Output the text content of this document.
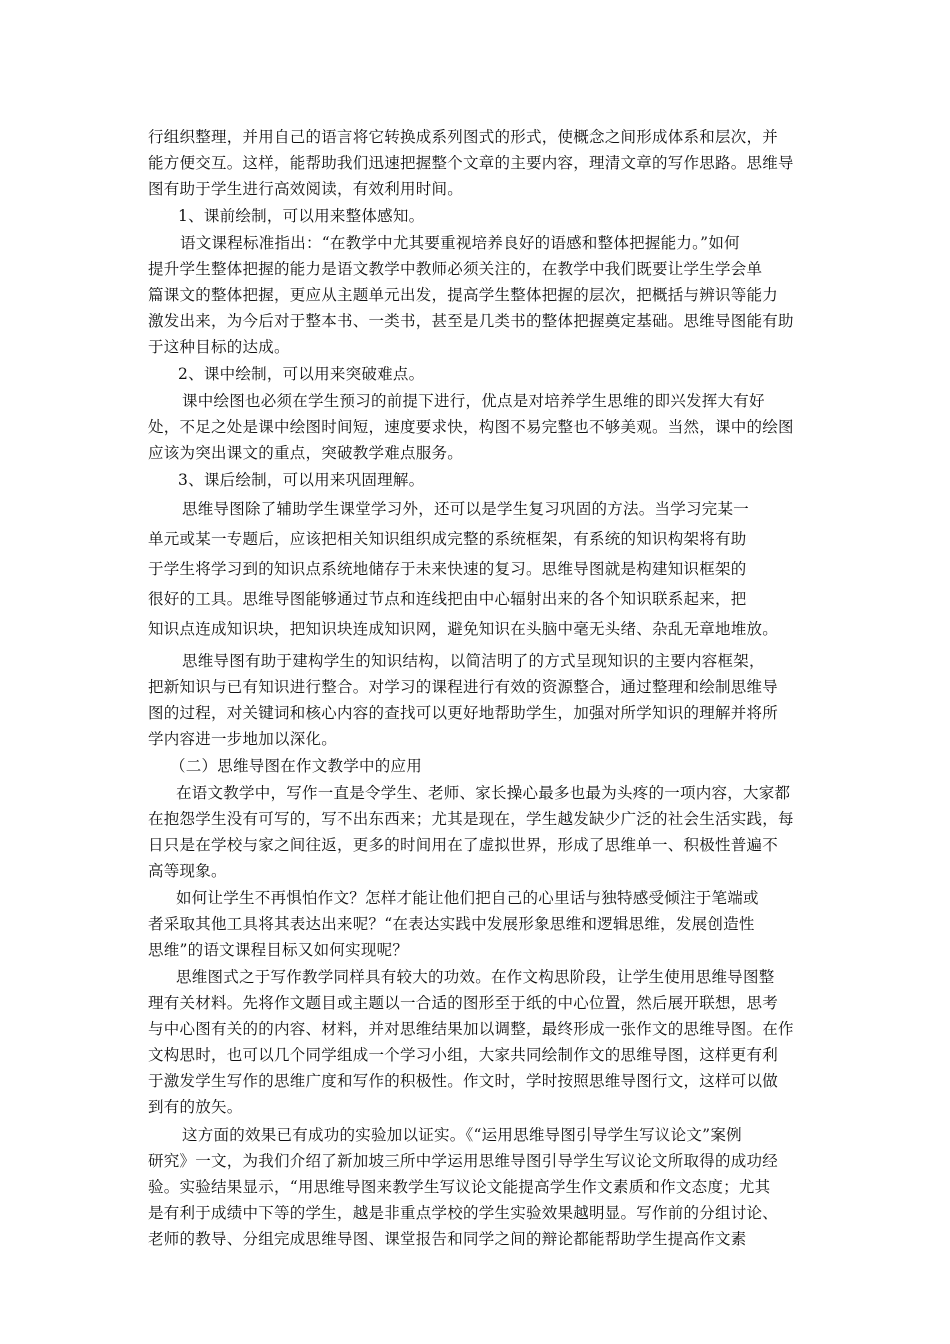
行组织整理，并用自己的语言将它转换成系列图式的形式，使概念之间形成体系和层次，并
能方便交互。这样，能帮助我们迅速把握整个文章的主要内容，理清文章的写作思路。思维导
图有助于学生进行高效阅读，有效利用时间。
1、课前绘制，可以用来整体感知。
语文课程标准指出：“在教学中尤其要重视培养良好的语感和整体把握能力。”如何
提升学生整体把握的能力是语文教学中教师必须关注的，在教学中我们既要让学生学会单
篇课文的整体把握，更应从主题单元出发，提高学生整体把握的层次，把概括与辨识等能力
激发出来，为今后对于整本书、一类书，甚至是几类书的整体把握奠定基础。思维导图能有助
于这种目标的达成。
2、课中绘制，可以用来突破难点。
课中绘图也必须在学生预习的前提下进行，优点是对培养学生思维的即兴发挥大有好
处，不足之处是课中绘图时间短，速度要求快，构图不易完整也不够美观。当然，课中的绘图
应该为突出课文的重点，突破教学难点服务。
3、课后绘制，可以用来巩固理解。
思维导图除了辅助学生课堂学习外，还可以是学生复习巩固的方法。当学习完某一
单元或某一专题后，应该把相关知识组织成完整的系统框架，有系统的知识构架将有助
于学生将学习到的知识点系统地储存于未来快速的复习。思维导图就是构建知识框架的
很好的工具。思维导图能够通过节点和连线把由中心辐射出来的各个知识联系起来，把
知识点连成知识块，把知识块连成知识网，避免知识在头脑中毫无头绪、杂乱无章地堆放。
思维导图有助于建构学生的知识结构，以简洁明了的方式呈现知识的主要内容框架，
把新知识与已有知识进行整合。对学习的课程进行有效的资源整合，通过整理和绘制思维导
图的过程，对关键词和核心内容的查找可以更好地帮助学生，加强对所学知识的理解并将所
学内容进一步地加以深化。
（二）思维导图在作文教学中的应用
在语文教学中，写作一直是令学生、老师、家长操心最多也最为头疼的一项内容，大家都
在抱怨学生没有可写的，写不出东西来；尤其是现在，学生越发缺少广泛的社会生活实践，每
日只是在学校与家之间往返，更多的时间用在了虚拟世界，形成了思维单一、积极性普遍不
高等现象。
如何让学生不再惧怕作文？怎样才能让他们把自己的心里话与独特感受倾注于笔端或
者采取其他工具将其表达出来呢？“在表达实践中发展形象思维和逻辑思维，发展创造性
思维”的语文课程目标又如何实现呢？
思维图式之于写作教学同样具有较大的功效。在作文构思阶段，让学生使用思维导图整
理有关材料。先将作文题目或主题以一合适的图形至于纸的中心位置，然后展开联想，思考
与中心图有关的的内容、材料，并对思维结果加以调整，最终形成一张作文的思维导图。在作
文构思时，也可以几个同学组成一个学习小组，大家共同绘制作文的思维导图，这样更有利
于激发学生写作的思维广度和写作的积极性。作文时，学时按照思维导图行文，这样可以做
到有的放矢。
这方面的效果已有成功的实验加以证实。《“运用思维导图引导学生写议论文”案例
研究》一文，为我们介绍了新加坡三所中学运用思维导图引导学生写议论文所取得的成功经
验。实验结果显示，“用思维导图来教学生写议论文能提高学生作文素质和作文态度；尤其
是有利于成绩中下等的学生，越是非重点学校的学生实验效果越明显。写作前的分组讨论、
老师的教导、分组完成思维导图、课堂报告和同学之间的辩论都能帮助学生提高作文素
